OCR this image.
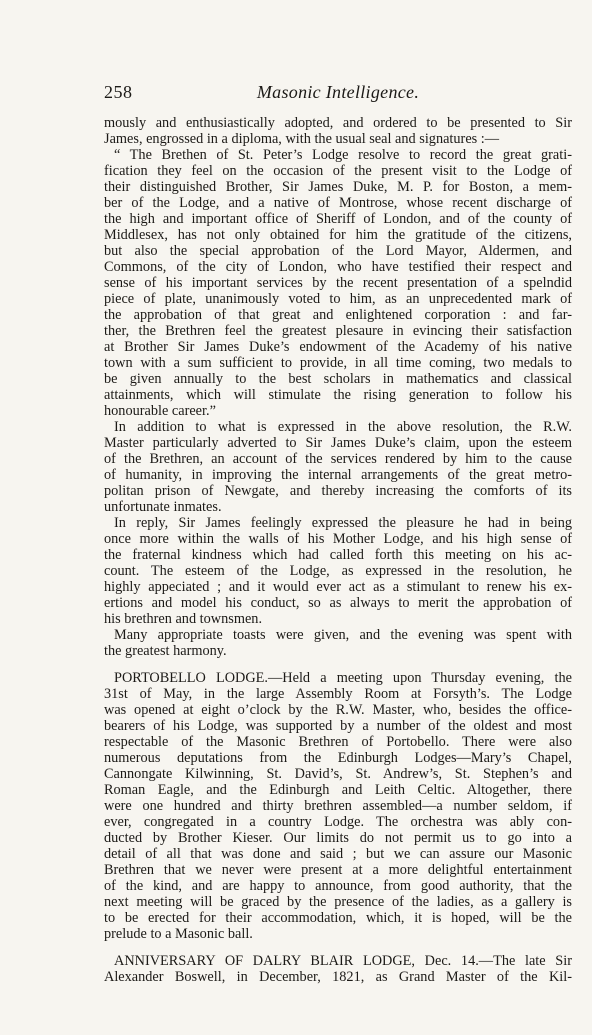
258	Masonic Intelligence.
mously and enthusiastically adopted, and ordered to be presented to Sir
James, engrossed in a diploma, with the usual seal and signatures :—
“ The Brethen of St. Peter’s Lodge resolve to record the great grati-
fication they feel on the occasion of the present visit to the Lodge of
their distinguished Brother, Sir James Duke, M. P. for Boston, a mem-
ber of the Lodge, and a native of Montrose, whose recent discharge of
the high and important office of Sheriff of London, and of the county of
Middlesex, has not only obtained for him the gratitude of the citizens,
but also the special approbation of the Lord Mayor, Aldermen, and
Commons, of the city of London, who have testified their respect and
sense of his important services by the recent presentation of a spelndid
piece of plate, unanimously voted to him, as an unprecedented mark of
the approbation of that great and enlightened corporation : and far-
ther, the Brethren feel the greatest plesaure in evincing their satisfaction
at Brother Sir James Duke’s endowment of the Academy of his native
town with a sum sufficient to provide, in all time coming, two medals to
be given annually to the best scholars in mathematics and classical
attainments, which will stimulate the rising generation to follow his
honourable career.”
In addition to what is expressed in the above resolution, the R.W.
Master particularly adverted to Sir James Duke’s claim, upon the esteem
of the Brethren, an account of the services rendered by him to the cause
of humanity, in improving the internal arrangements of the great metro-
politan prison of Newgate, and thereby increasing the comforts of its
unfortunate inmates.
In reply, Sir James feelingly expressed the pleasure he had in being
once more within the walls of his Mother Lodge, and his high sense of
the fraternal kindness which had called forth this meeting on his ac-
count. The esteem of the Lodge, as expressed in the resolution, he
highly appeciated ; and it would ever act as a stimulant to renew his ex-
ertions and model his conduct, so as always to merit the approbation of
his brethren and townsmen.
Many appropriate toasts were given, and the evening was spent with
the greatest harmony.
PORTOBELLO LODGE.—Held a meeting upon Thursday evening, the
31st of May, in the large Assembly Room at Forsyth’s. The Lodge
was opened at eight o’clock by the R.W. Master, who, besides the office-
bearers of his Lodge, was supported by a number of the oldest and most
respectable of the Masonic Brethren of Portobello. There were also
numerous deputations from the Edinburgh Lodges—Mary’s Chapel,
Cannongate Kilwinning, St. David’s, St. Andrew’s, St. Stephen’s and
Roman Eagle, and the Edinburgh and Leith Celtic. Altogether, there
were one hundred and thirty brethren assembled—a number seldom, if
ever, congregated in a country Lodge. The orchestra was ably con-
ducted by Brother Kieser. Our limits do not permit us to go into a
detail of all that was done and said ; but we can assure our Masonic
Brethren that we never were present at a more delightful entertainment
of the kind, and are happy to announce, from good authority, that the
next meeting will be graced by the presence of the ladies, as a gallery is
to be erected for their accommodation, which, it is hoped, will be the
prelude to a Masonic ball.
ANNIVERSARY OF DALRY BLAIR LODGE, Dec. 14.—The late Sir
Alexander Boswell, in December, 1821, as Grand Master of the Kil-
